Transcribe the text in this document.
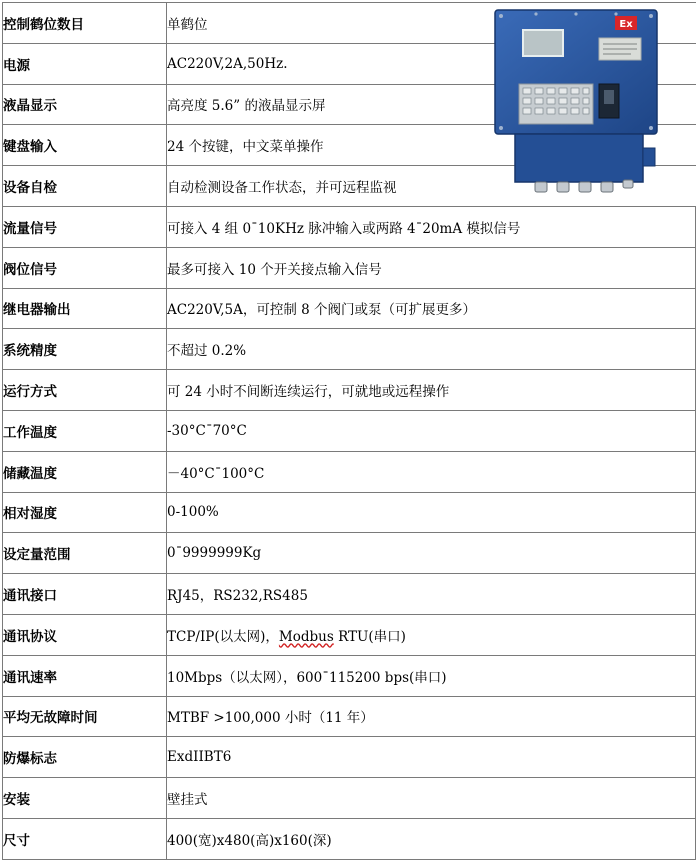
控制鹤位数目	单鹤位
电源	AC220V,2A,50Hz.
液晶显示	高亮度 5.6” 的液晶显示屏
键盘输入	24 个按键，中文菜单操作
设备自检	自动检测设备工作状态，并可远程监视
流量信号	可接入 4 组 0¯10KHz 脉冲输入或两路 4¯20mA 模拟信号
阀位信号	最多可接入 10 个开关接点输入信号
继电器输出	AC220V,5A，可控制 8 个阀门或泵（可扩展更多）
系统精度	不超过 0.2%
运行方式	可 24 小时不间断连续运行，可就地或远程操作
工作温度	-30°C¯70°C
储藏温度	－40°C¯100°C
相对湿度	0-100%
设定量范围	0¯9999999Kg
通讯接口	RJ45，RS232,RS485
通讯协议	TCP/IP(以太网)，Modbus RTU(串口)
通讯速率	10Mbps（以太网），600¯115200 bps(串口)
平均无故障时间	MTBF >100,000 小时（11 年）
防爆标志	ExdIIBT6
安装	壁挂式
尺寸	400(宽)x480(高)x160(深)
Ex
